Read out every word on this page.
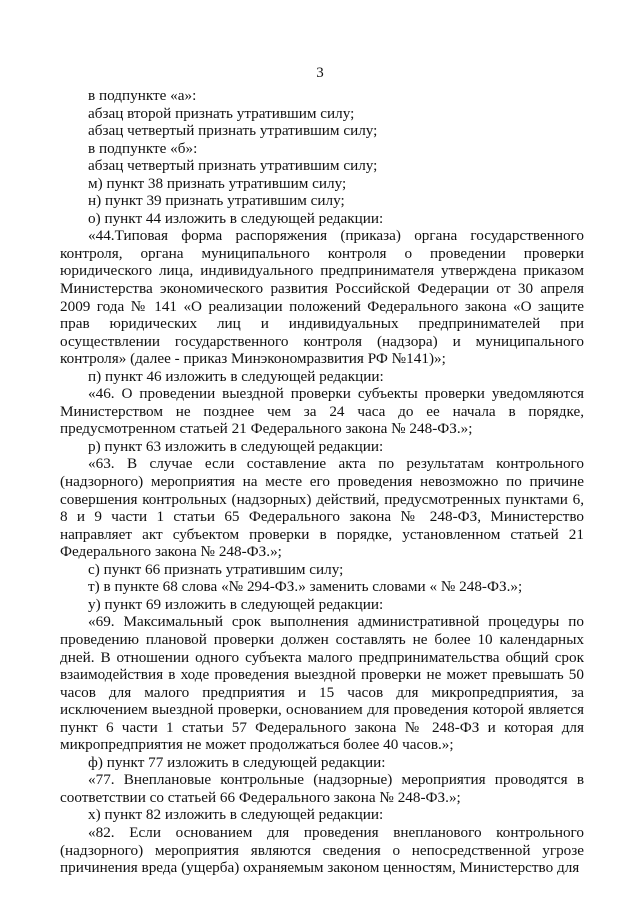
3

в подпункте «а»:

абзац второй признать утратившим силу;

абзац четвертый признать утратившим силу;

в подпункте «б»:

абзац четвертый признать утратившим силу;

м) пункт 38 признать утратившим силу;

н) пункт 39 признать утратившим силу;

о) пункт 44 изложить в следующей редакции:

«44.Типовая форма распоряжения (приказа) органа государственного контроля, органа муниципального контроля о проведении проверки юридического лица, индивидуального предпринимателя утверждена приказом Министерства экономического развития Российской Федерации от 30 апреля 2009 года № 141 «О реализации положений Федерального закона «О защите прав юридических лиц и индивидуальных предпринимателей при осуществлении государственного контроля (надзора) и муниципального контроля» (далее - приказ Минэкономразвития РФ №141)»;

п) пункт 46 изложить в следующей редакции:

«46. О проведении выездной проверки субъекты проверки уведомляются Министерством не позднее чем за 24 часа до ее начала в порядке, предусмотренном статьей 21 Федерального закона № 248-ФЗ.»;

р) пункт 63 изложить в следующей редакции:

«63. В случае если составление акта по результатам контрольного (надзорного) мероприятия на месте его проведения невозможно по причине совершения контрольных (надзорных) действий, предусмотренных пунктами 6, 8 и 9 части 1 статьи 65 Федерального закона № 248-ФЗ, Министерство направляет акт субъектом проверки в порядке, установленном статьей 21 Федерального закона № 248-ФЗ.»;

с) пункт 66 признать утратившим силу;

т) в пункте 68 слова «№ 294-ФЗ.» заменить словами « № 248-ФЗ.»;

у) пункт 69 изложить в следующей редакции:

«69. Максимальный срок выполнения административной процедуры по проведению плановой проверки должен составлять не более 10 календарных дней. В отношении одного субъекта малого предпринимательства общий срок взаимодействия в ходе проведения выездной проверки не может превышать 50 часов для малого предприятия и 15 часов для микропредприятия, за исключением выездной проверки, основанием для проведения которой является пункт 6 части 1 статьи 57 Федерального закона № 248-ФЗ и которая для микропредприятия не может продолжаться более 40 часов.»;

ф) пункт 77 изложить в следующей редакции:

«77. Внеплановые контрольные (надзорные) мероприятия проводятся в соответствии со статьей 66 Федерального закона № 248-ФЗ.»;

х) пункт 82 изложить в следующей редакции:

«82. Если основанием для проведения внепланового контрольного (надзорного) мероприятия являются сведения о непосредственной угрозе причинения вреда (ущерба) охраняемым законом ценностям, Министерство для
